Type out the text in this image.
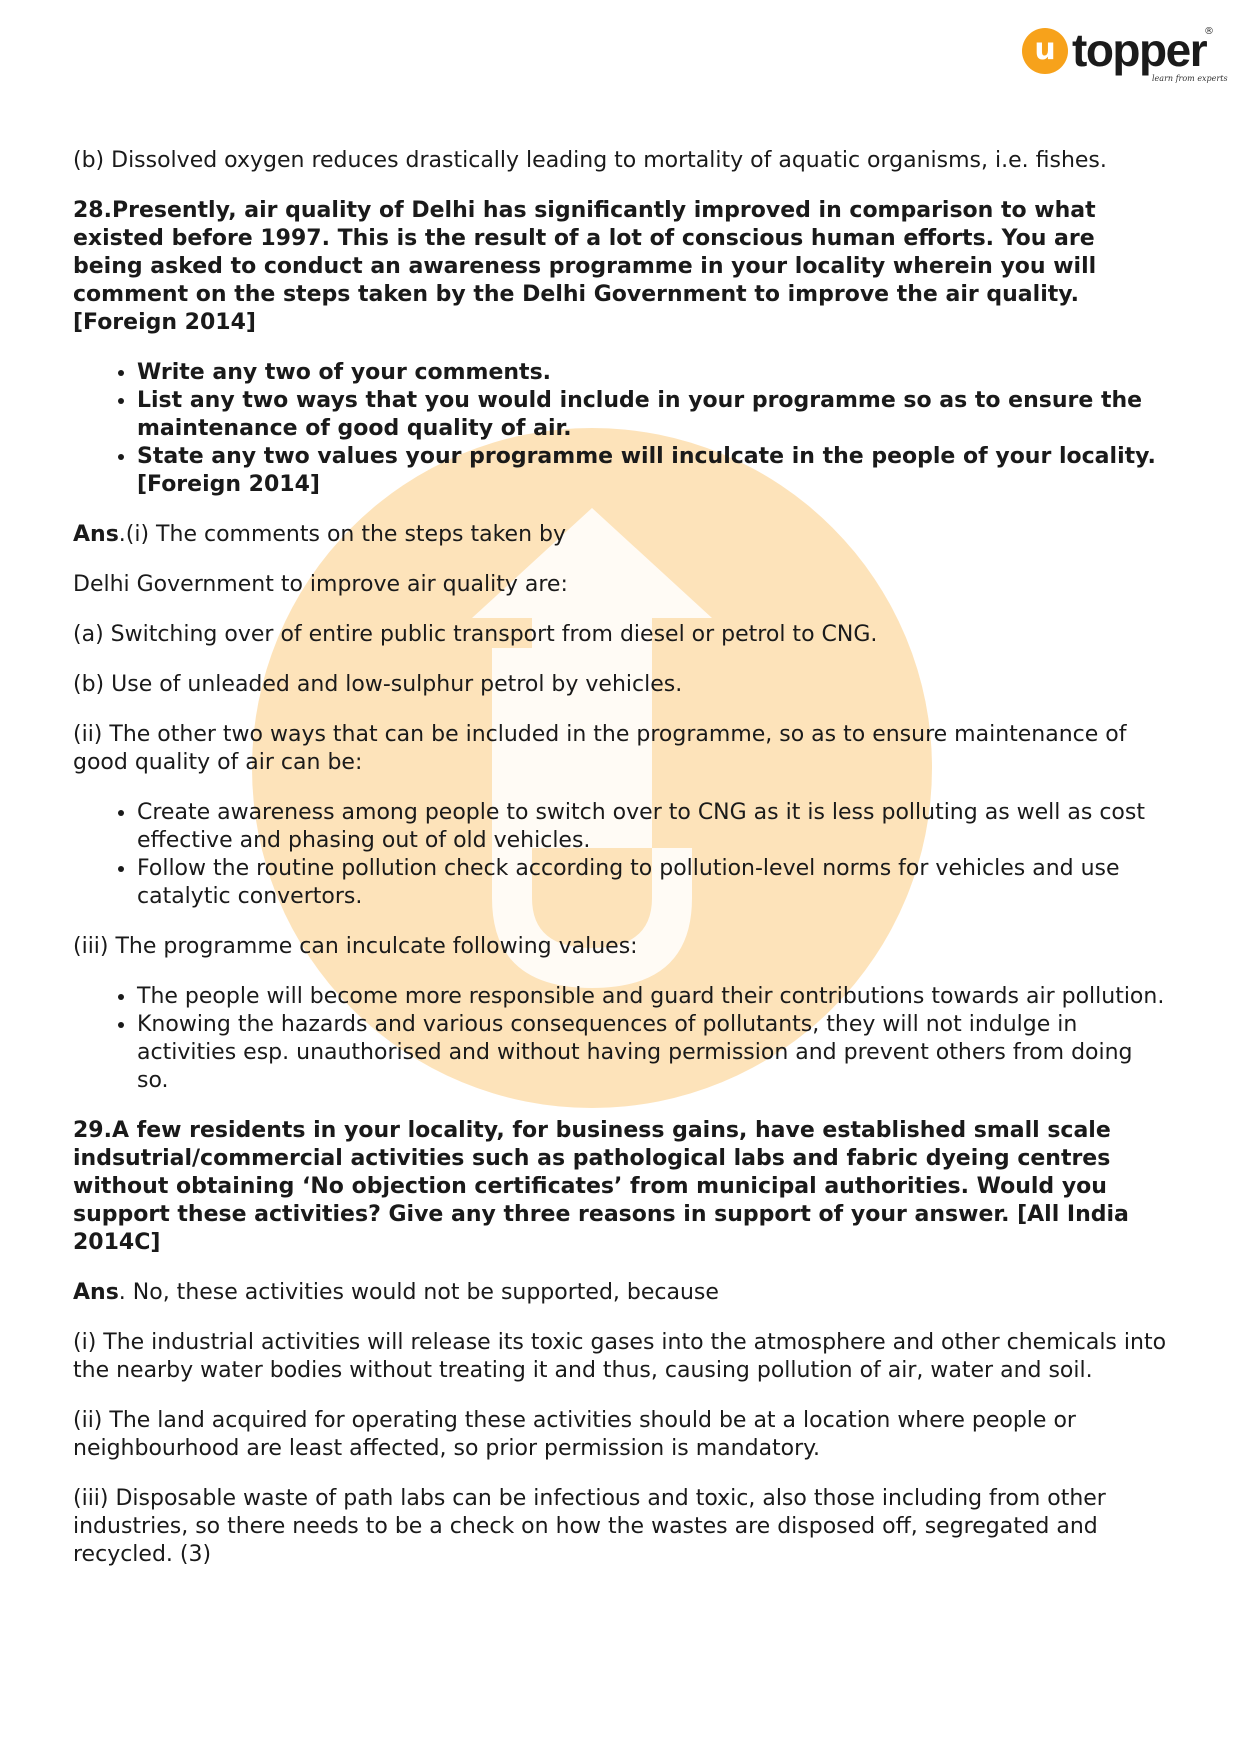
u topper
®
learn from experts

(b) Dissolved oxygen reduces drastically leading to mortality of aquatic organisms, i.e. fishes.

28.Presently, air quality of Delhi has significantly improved in comparison to what existed before 1997. This is the result of a lot of conscious human efforts. You are being asked to conduct an awareness programme in your locality wherein you will comment on the steps taken by the Delhi Government to improve the air quality. [Foreign 2014]

• Write any two of your comments.
• List any two ways that you would include in your programme so as to ensure the maintenance of good quality of air.
• State any two values your programme will inculcate in the people of your locality. [Foreign 2014]

Ans.(i) The comments on the steps taken by

Delhi Government to improve air quality are:

(a) Switching over of entire public transport from diesel or petrol to CNG.

(b) Use of unleaded and low-sulphur petrol by vehicles.

(ii) The other two ways that can be included in the programme, so as to ensure maintenance of good quality of air can be:

• Create awareness among people to switch over to CNG as it is less polluting as well as cost effective and phasing out of old vehicles.
• Follow the routine pollution check according to pollution-level norms for vehicles and use catalytic convertors.

(iii) The programme can inculcate following values:

• The people will become more responsible and guard their contributions towards air pollution.
• Knowing the hazards and various consequences of pollutants, they will not indulge in activities esp. unauthorised and without having permission and prevent others from doing so.

29.A few residents in your locality, for business gains, have established small scale indsutrial/commercial activities such as pathological labs and fabric dyeing centres without obtaining ‘No objection certificates’ from municipal authorities. Would you support these activities? Give any three reasons in support of your answer. [All India 2014C]

Ans. No, these activities would not be supported, because

(i) The industrial activities will release its toxic gases into the atmosphere and other chemicals into the nearby water bodies without treating it and thus, causing pollution of air, water and soil.

(ii) The land acquired for operating these activities should be at a location where people or neighbourhood are least affected, so prior permission is mandatory.

(iii) Disposable waste of path labs can be infectious and toxic, also those including from other industries, so there needs to be a check on how the wastes are disposed off, segregated and recycled. (3)
